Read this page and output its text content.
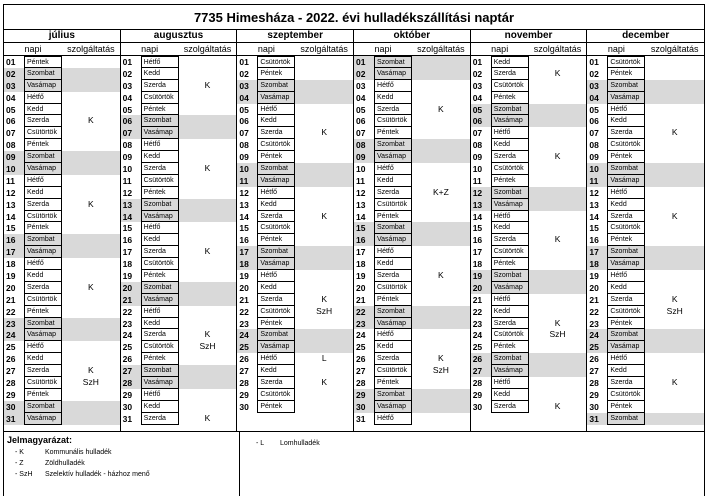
7735 Himesháza - 2022. évi hulladékszállítási naptár
július
napi	szolgáltatás
01	Péntek
02	Szombat
03	Vasámap
04	Hétfő
05	Kedd
06	Szerda	K
07	Csütörtök
08	Péntek
09	Szombat
10	Vasámap
11	Hétfő
12	Kedd
13	Szerda	K
14	Csütörtök
15	Péntek
16	Szombat
17	Vasámap
18	Hétfő
19	Kedd
20	Szerda	K
21	Csütörtök
22	Péntek
23	Szombat
24	Vasámap
25	Hétfő
26	Kedd
27	Szerda	K
28	Csütörtök	SzH
29	Péntek
30	Szombat
31	Vasámap
augusztus
napi	szolgáltatás
01	Hétfő
02	Kedd
03	Szerda	K
04	Csütörtök
05	Péntek
06	Szombat
07	Vasámap
08	Hétfő
09	Kedd
10	Szerda	K
11	Csütörtök
12	Péntek
13	Szombat
14	Vasámap
15	Hétfő
16	Kedd
17	Szerda	K
18	Csütörtök
19	Péntek
20	Szombat
21	Vasámap
22	Hétfő
23	Kedd
24	Szerda	K
25	Csütörtök	SzH
26	Péntek
27	Szombat
28	Vasámap
29	Hétfő
30	Kedd
31	Szerda	K
szeptember
napi	szolgáltatás
01	Csütörtök
02	Péntek
03	Szombat
04	Vasámap
05	Hétfő
06	Kedd
07	Szerda	K
08	Csütörtök
09	Péntek
10	Szombat
11	Vasámap
12	Hétfő
13	Kedd
14	Szerda	K
15	Csütörtök
16	Péntek
17	Szombat
18	Vasámap
19	Hétfő
20	Kedd
21	Szerda	K
22	Csütörtök	SzH
23	Péntek
24	Szombat
25	Vasámap
26	Hétfő	L
27	Kedd
28	Szerda	K
29	Csütörtök
30	Péntek
október
napi	szolgáltatás
01	Szombat
02	Vasámap
03	Hétfő
04	Kedd
05	Szerda	K
06	Csütörtök
07	Péntek
08	Szombat
09	Vasámap
10	Hétfő
11	Kedd
12	Szerda	K+Z
13	Csütörtök
14	Péntek
15	Szombat
16	Vasámap
17	Hétfő
18	Kedd
19	Szerda	K
20	Csütörtök
21	Péntek
22	Szombat
23	Vasámap
24	Hétfő
25	Kedd
26	Szerda	K
27	Csütörtök	SzH
28	Péntek
29	Szombat
30	Vasámap
31	Hétfő
november
napi	szolgáltatás
01	Kedd
02	Szerda	K
03	Csütörtök
04	Péntek
05	Szombat
06	Vasámap
07	Hétfő
08	Kedd
09	Szerda	K
10	Csütörtök
11	Péntek
12	Szombat
13	Vasámap
14	Hétfő
15	Kedd
16	Szerda	K
17	Csütörtök
18	Péntek
19	Szombat
20	Vasámap
21	Hétfő
22	Kedd
23	Szerda	K
24	Csütörtök	SzH
25	Péntek
26	Szombat
27	Vasámap
28	Hétfő
29	Kedd
30	Szerda	K
december
napi	szolgáltatás
01	Csütörtök
02	Péntek
03	Szombat
04	Vasámap
05	Hétfő
06	Kedd
07	Szerda	K
08	Csütörtök
09	Péntek
10	Szombat
11	Vasámap
12	Hétfő
13	Kedd
14	Szerda	K
15	Csütörtök
16	Péntek
17	Szombat
18	Vasámap
19	Hétfő
20	Kedd
21	Szerda	K
22	Csütörtök	SzH
23	Péntek
24	Szombat
25	Vasámap
26	Hétfő
27	Kedd
28	Szerda	K
29	Csütörtök
30	Péntek
31	Szombat
Jelmagyarázat:
- K	Kommunális hulladék
- Z	Zöldhulladék
- SzH	Szelektív hulladék - házhoz menő
- L	Lomhulladék
